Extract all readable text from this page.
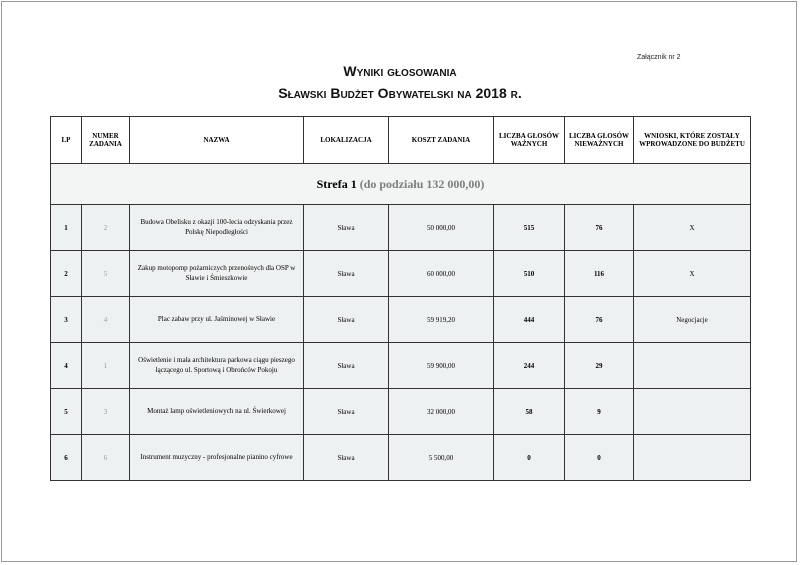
Załącznik nr 2
Wyniki głosowania
Sławski Budżet Obywatelski na 2018 r.
LP	NUMER ZADANIA	NAZWA	LOKALIZACJA	KOSZT ZADANIA	LICZBA GŁOSÓW WAŻNYCH	LICZBA GŁOSÓW NIEWAŻNYCH	WNIOSKI, KTÓRE ZOSTAŁY WPROWADZONE DO BUDŻETU
Strefa 1 (do podziału 132 000,00)							
1	2	Budowa Obelisku z okazji 100-lecia odzyskania przez Polskę Niepodległości	Sława	50 000,00	515	76	X
2	5	Zakup motopomp pożarniczych przenośnych dla OSP w Sławie i Śmieszkowie	Sława	60 000,00	510	116	X
3	4	Plac zabaw przy ul. Jaśminowej w Sławie	Sława	59 919,20	444	76	Negocjacje
4	1	Oświetlenie i mała architektura parkowa ciągu pieszego łączącego ul. Sportową i Obrońców Pokoju	Sława	59 900,00	244	29	
5	3	Montaż lamp oświetleniowych na ul. Świerkowej	Sława	32 000,00	58	9	
6	6	Instrument muzyczny - profesjonalne pianino cyfrowe	Sława	5 500,00	0	0	
